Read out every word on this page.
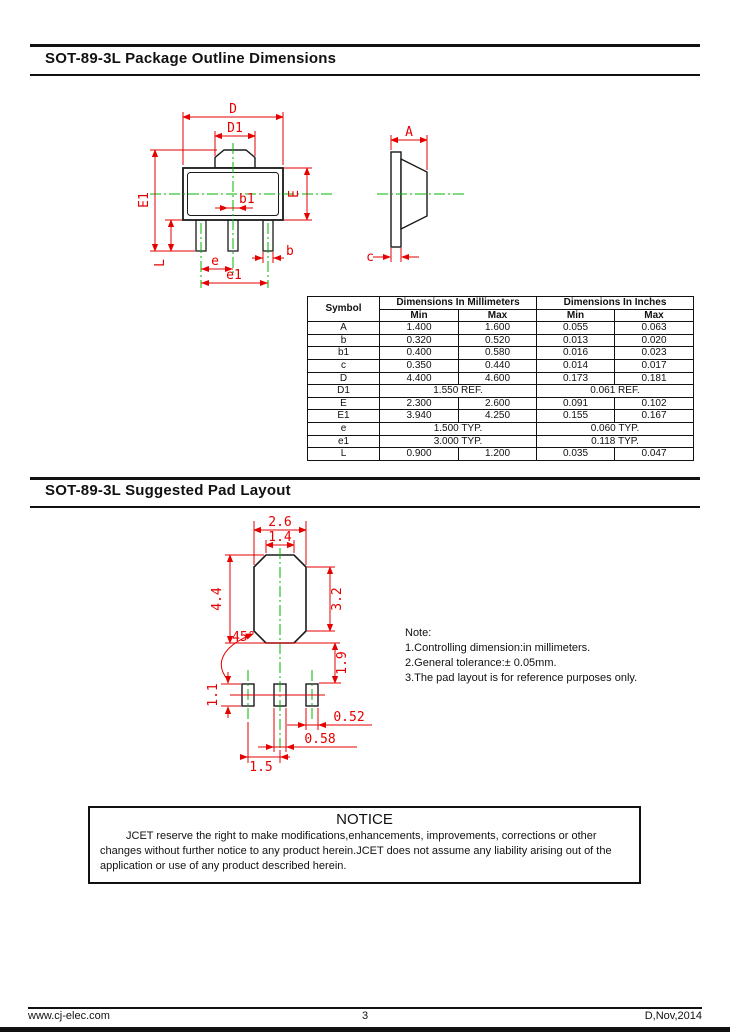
SOT-89-3L Package Outline Dimensions
D
D1
E1
L
E
b1
b
e
e1
A
c
Symbol	Dimensions In Millimeters		Dimensions In Inches	
	Min	Max	Min	Max
A	1.400	1.600	0.055	0.063
b	0.320	0.520	0.013	0.020
b1	0.400	0.580	0.016	0.023
c	0.350	0.440	0.014	0.017
D	4.400	4.600	0.173	0.181
D1	1.550 REF.		0.061 REF.	
E	2.300	2.600	0.091	0.102
E1	3.940	4.250	0.155	0.167
e	1.500 TYP.		0.060 TYP.	
e1	3.000 TYP.		0.118 TYP.	
L	0.900	1.200	0.035	0.047
SOT-89-3L Suggested Pad Layout
2.6
1.4
4.4	3.2
45°
1.9
1.1
0.52
0.58
1.5
Note:
1.Controlling dimension:in millimeters.
2.General tolerance:± 0.05mm.
3.The pad layout is for reference purposes only.
NOTICE
JCET reserve the right to make modifications,enhancements, improvements, corrections or other changes without further notice to any product herein.JCET does not assume any liability arising out of the application or use of any product described herein.
www.cj-elec.com	3	D,Nov,2014
